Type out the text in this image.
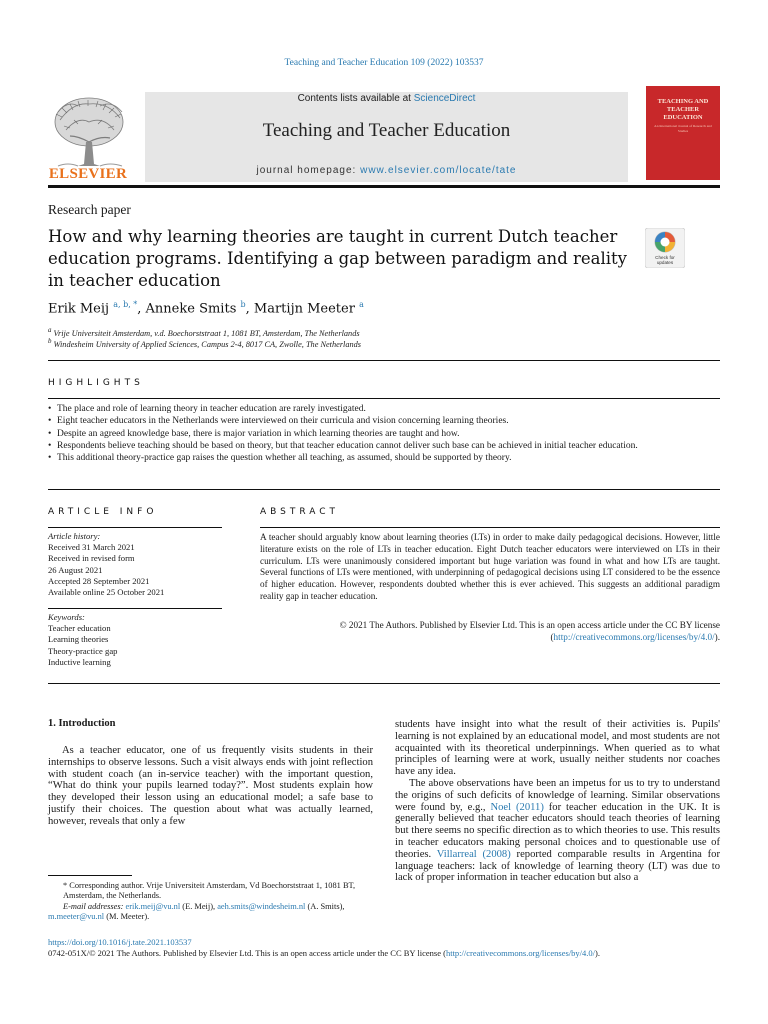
Teaching and Teacher Education 109 (2022) 103537
ELSEVIER
Contents lists available at ScienceDirect
Teaching and Teacher Education
journal homepage: www.elsevier.com/locate/tate
TEACHING AND TEACHER EDUCATION
An International Journal of Research and Studies
Research paper
How and why learning theories are taught in current Dutch teacher education programs. Identifying a gap between paradigm and reality in teacher education
Check for
updates
Erik Meij $^{a, b, *}$, Anneke Smits $^b$, Martijn Meeter $^a$
$^a$ Vrije Universiteit Amsterdam, v.d. Boechorststraat 1, 1081 BT, Amsterdam, The Netherlands
$^b$ Windesheim University of Applied Sciences, Campus 2-4, 8017 CA, Zwolle, The Netherlands
HIGHLIGHTS
• The place and role of learning theory in teacher education are rarely investigated.
• Eight teacher educators in the Netherlands were interviewed on their curricula and vision concerning learning theories.
• Despite an agreed knowledge base, there is major variation in which learning theories are taught and how.
• Respondents believe teaching should be based on theory, but that teacher education cannot deliver such base can be achieved in initial teacher education.
• This additional theory-practice gap raises the question whether all teaching, as assumed, should be supported by theory.
ARTICLE INFO	ABSTRACT
Article history:
Received 31 March 2021
Received in revised form
26 August 2021
Accepted 28 September 2021
Available online 25 October 2021
Keywords:
Teacher education
Learning theories
Theory-practice gap
Inductive learning
A teacher should arguably know about learning theories (LTs) in order to make daily pedagogical decisions. However, little literature exists on the role of LTs in teacher education. Eight Dutch teacher educators were interviewed on LTs in their curriculum. LTs were unanimously considered important but huge variation was found in what and how LTs are taught. Several functions of LTs were mentioned, with underpinning of pedagogical decisions using LT considered to be the essence of higher education. However, respondents doubted whether this is ever achieved. This suggests an additional paradigm reality gap in teacher education.
© 2021 The Authors. Published by Elsevier Ltd. This is an open access article under the CC BY license
(http://creativecommons.org/licenses/by/4.0/).
1. Introduction

As a teacher educator, one of us frequently visits students in their internships to observe lessons. Such a visit always ends with joint reflection with student coach (an in-service teacher) with the important question, “What do think your pupils learned today?”. Most students explain how they developed their lesson using an educational model; a safe base to justify their choices. The question about what was actually learned, however, reveals that only a few

students have insight into what the result of their activities is. Pupils' learning is not explained by an educational model, and most students are not acquainted with its theoretical underpinnings. When queried as to what principles of learning were at work, usually neither students nor coaches have any idea.

The above observations have been an impetus for us to try to understand the origins of such deficits of knowledge of learning. Similar observations were found by, e.g., Noel (2011) for teacher education in the UK. It is generally believed that teacher educators should teach theories of learning but there seems no specific direction as to which theories to use. This results in teacher educators making personal choices and to questionable use of theories. Villarreal (2008) reported comparable results in Argentina for language teachers: lack of knowledge of learning theory (LT) was due to lack of proper information in teacher education but also a

* Corresponding author. Vrije Universiteit Amsterdam, Vd Boechorststraat 1, 1081 BT, Amsterdam, the Netherlands.
E-mail addresses: erik.meij@vu.nl (E. Meij), aeh.smits@windesheim.nl (A. Smits),
m.meeter@vu.nl (M. Meeter).
https://doi.org/10.1016/j.tate.2021.103537
0742-051X/© 2021 The Authors. Published by Elsevier Ltd. This is an open access article under the CC BY license (http://creativecommons.org/licenses/by/4.0/).
